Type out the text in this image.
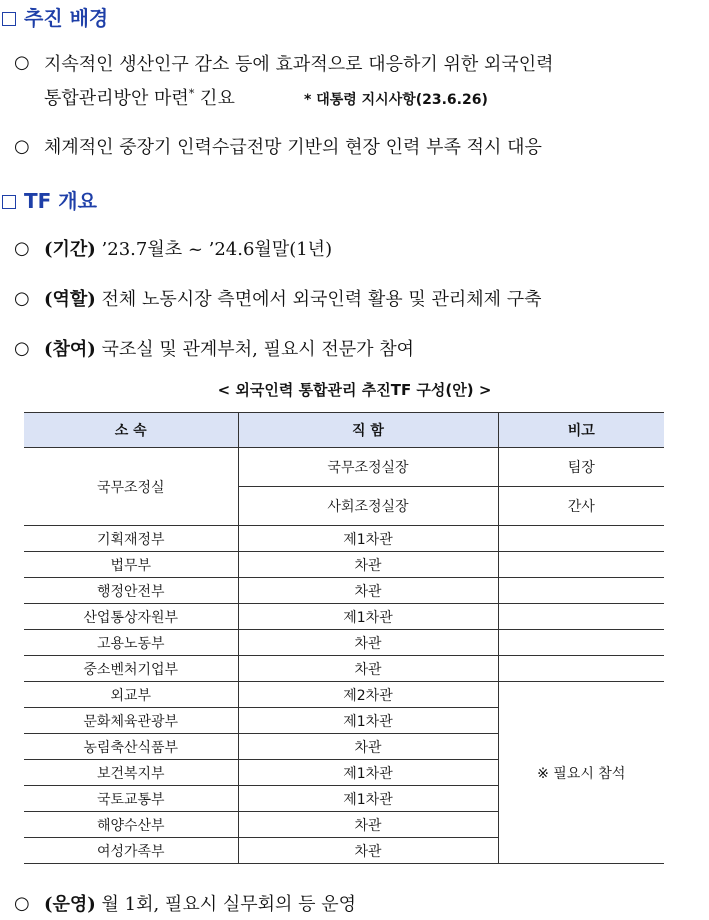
추진 배경
○ 지속적인 생산인구 감소 등에 효과적으로 대응하기 위한 외국인력
통합관리방안 마련* 긴요	* 대통령 지시사항(23.6.26)
○ 체계적인 중장기 인력수급전망 기반의 현장 인력 부족 적시 대응
TF 개요
○ (기간) ’23.7월초 ~ ’24.6월말(1년)
○ (역할) 전체 노동시장 측면에서 외국인력 활용 및 관리체제 구축
○ (참여) 국조실 및 관계부처, 필요시 전문가 참여
< 외국인력 통합관리 추진TF 구성(안) >
소 속	직 함	비고
국무조정실	국무조정실장	팀장
	사회조정실장	간사
기획재정부	제1차관	
법무부	차관	
행정안전부	차관	
산업통상자원부	제1차관	
고용노동부	차관	
중소벤처기업부	차관	
외교부	제2차관	※ 필요시 참석
문화체육관광부	제1차관	
농림축산식품부	차관	
보건복지부	제1차관	
국토교통부	제1차관	
해양수산부	차관	
여성가족부	차관	
○ (운영) 월 1회, 필요시 실무회의 등 운영
